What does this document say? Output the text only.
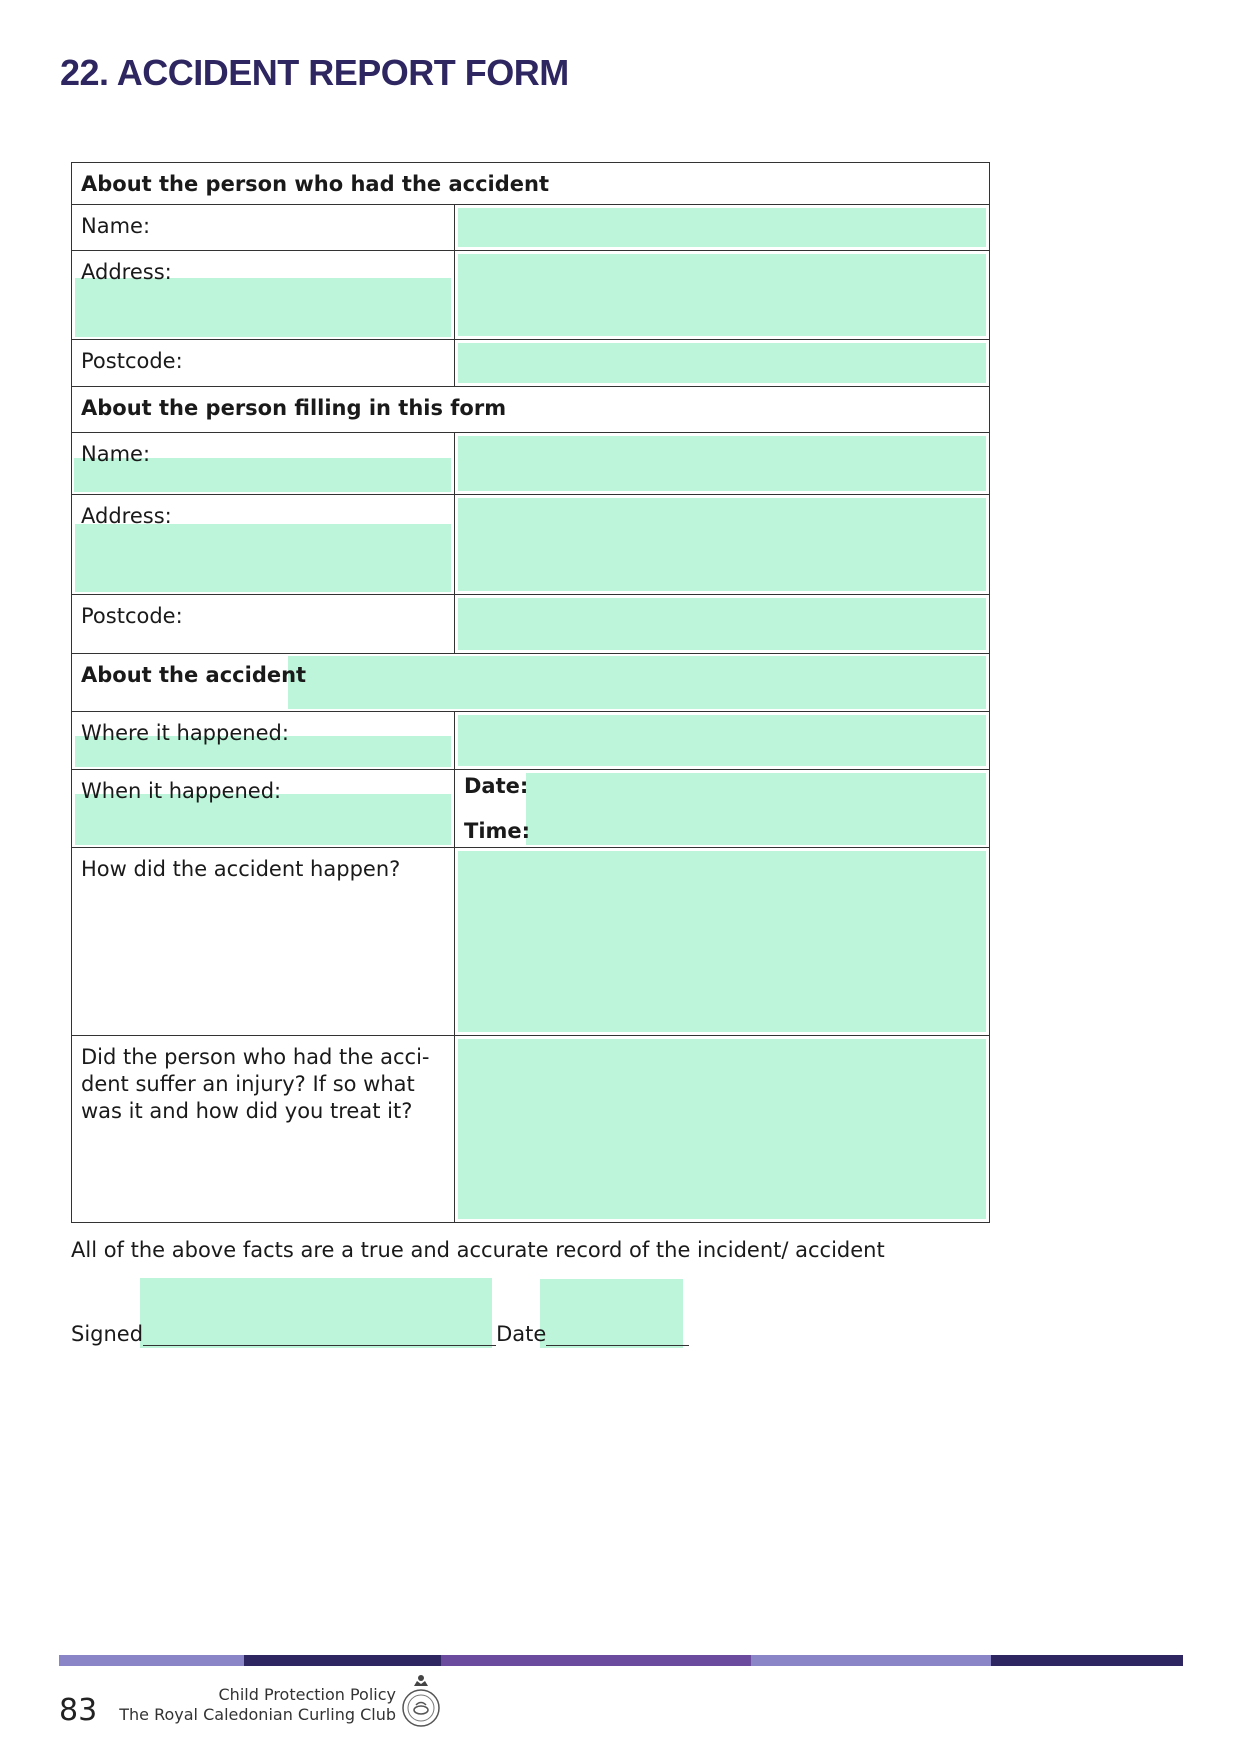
22. ACCIDENT REPORT FORM
About the person who had the accident	

Name:	

Address:	

Postcode:	

About the person filling in this form	

Name:	

Address:	

Postcode:	

About the accident	

Where it happened:	

When it happened:	Date:
Time:

How did the accident happen?	

Did the person who had the acci-dent suffer an injury? If so what was it and how did you treat it?	

All of the above facts are a true and accurate record of the incident/ accident

Signed	Date
83	Child Protection Policy
The Royal Caledonian Curling Club
